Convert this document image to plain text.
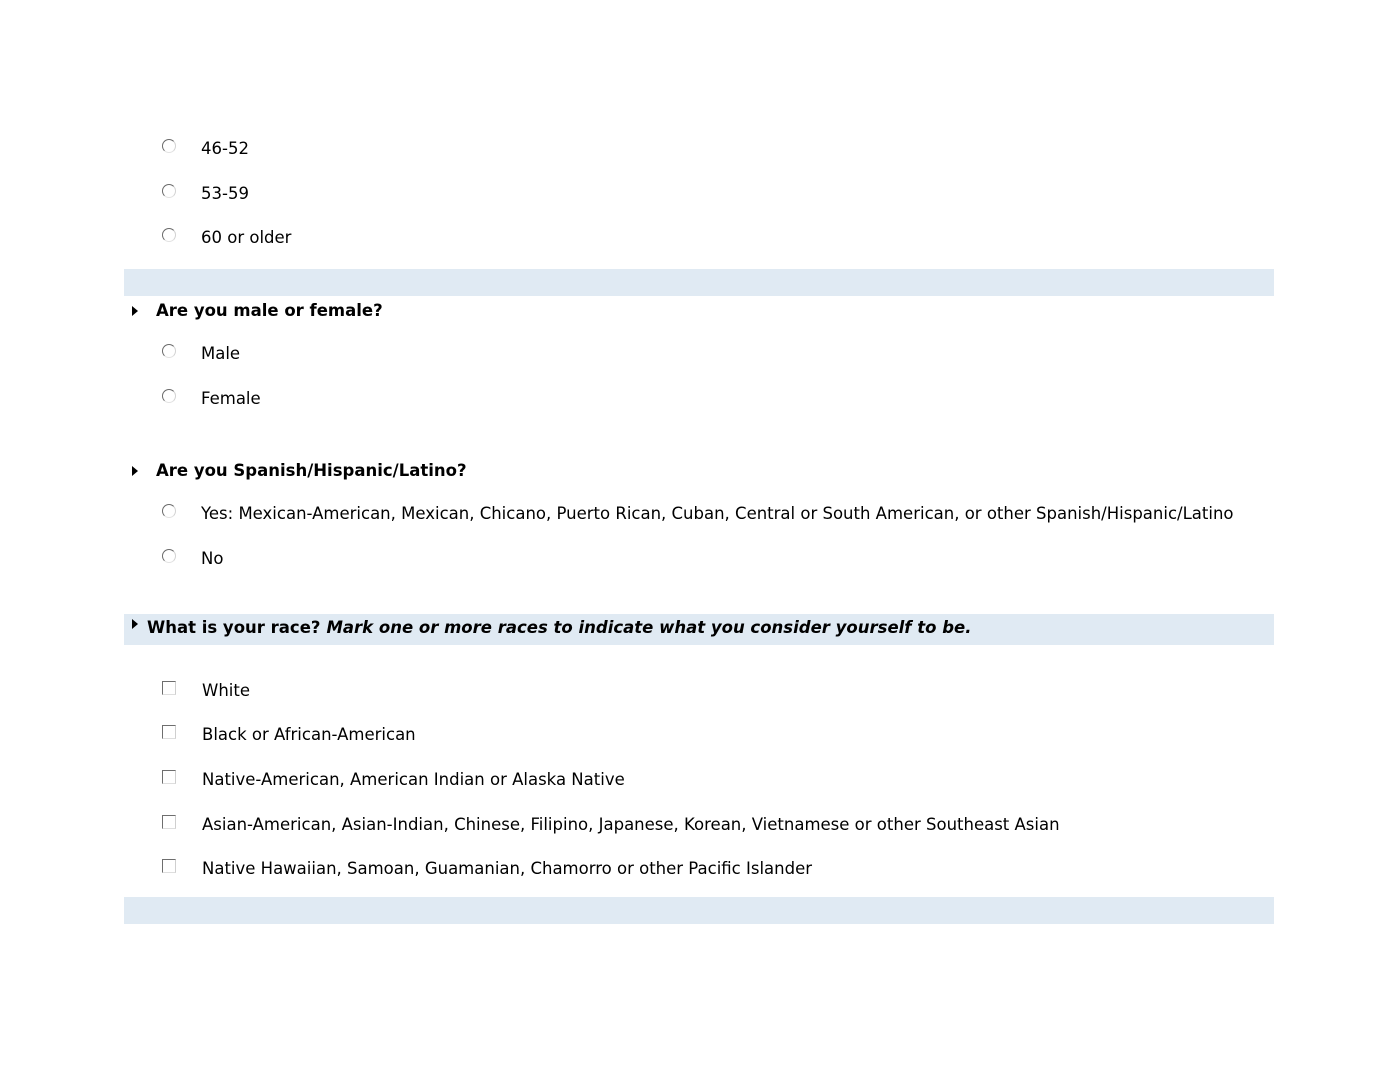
46-52
53-59
60 or older
Are you male or female?
Male
Female
Are you Spanish/Hispanic/Latino?
Yes: Mexican-American, Mexican, Chicano, Puerto Rican, Cuban, Central or South American, or other Spanish/Hispanic/Latino
No
What is your race? Mark one or more races to indicate what you consider yourself to be.
White
Black or African-American
Native-American, American Indian or Alaska Native
Asian-American, Asian-Indian, Chinese, Filipino, Japanese, Korean, Vietnamese or other Southeast Asian
Native Hawaiian, Samoan, Guamanian, Chamorro or other Pacific Islander
